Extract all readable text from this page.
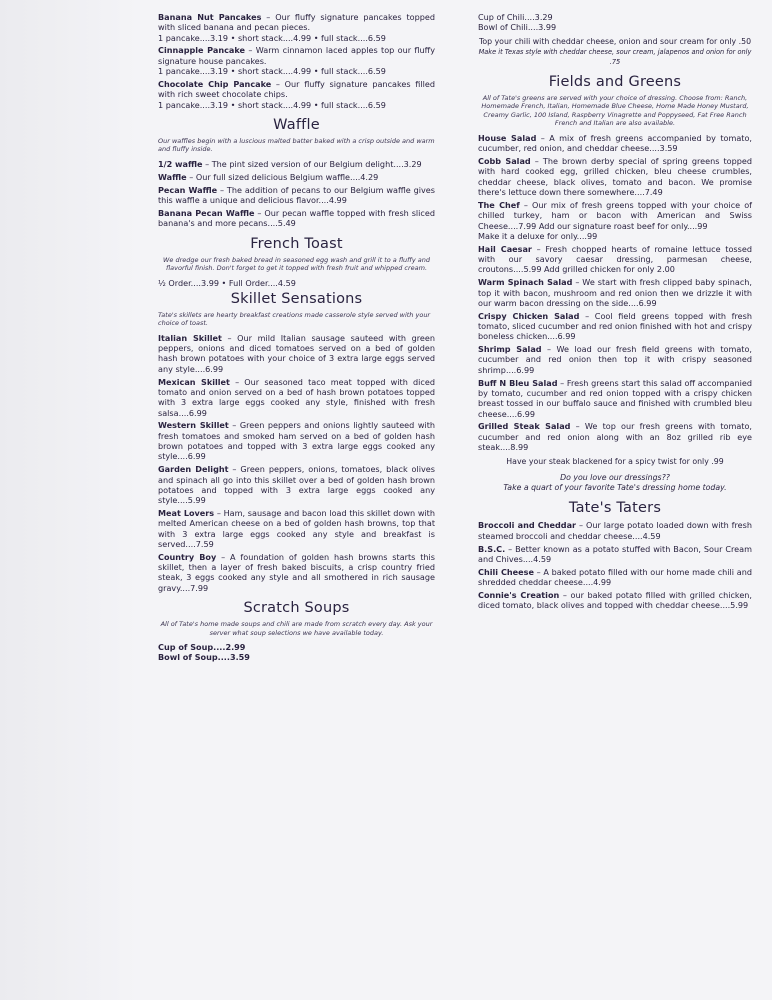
Banana Nut Pancakes – Our fluffy signature pancakes topped with sliced banana and pecan pieces.
1 pancake....3.19 • short stack....4.99 • full stack....6.59
Cinnapple Pancake – Warm cinnamon laced apples top our fluffy signature house pancakes.
1 pancake....3.19 • short stack....4.99 • full stack....6.59
Chocolate Chip Pancake – Our fluffy signature pancakes filled with rich sweet chocolate chips.
1 pancake....3.19 • short stack....4.99 • full stack....6.59
Waffle
Our waffles begin with a luscious malted batter baked with a crisp outside and warm and fluffy inside.
1/2 waffle – The pint sized version of our Belgium delight....3.29
Waffle – Our full sized delicious Belgium waffle....4.29
Pecan Waffle – The addition of pecans to our Belgium waffle gives this waffle a unique and delicious flavor....4.99
Banana Pecan Waffle – Our pecan waffle topped with fresh sliced banana's and more pecans....5.49
French Toast
We dredge our fresh baked bread in seasoned egg wash and grill it to a fluffy and flavorful finish. Don't forget to get it topped with fresh fruit and whipped cream.
½ Order....3.99 • Full Order....4.59
Skillet Sensations
Tate's skillets are hearty breakfast creations made casserole style served with your choice of toast.
Italian Skillet – Our mild Italian sausage sauteed with green peppers, onions and diced tomatoes served on a bed of golden hash brown potatoes with your choice of 3 extra large eggs served any style....6.99
Mexican Skillet – Our seasoned taco meat topped with diced tomato and onion served on a bed of hash brown potatoes topped with 3 extra large eggs cooked any style, finished with fresh salsa....6.99
Western Skillet – Green peppers and onions lightly sauteed with fresh tomatoes and smoked ham served on a bed of golden hash brown potatoes and topped with 3 extra large eggs cooked any style....6.99
Garden Delight – Green peppers, onions, tomatoes, black olives and spinach all go into this skillet over a bed of golden hash brown potatoes and topped with 3 extra large eggs cooked any style....5.99
Meat Lovers – Ham, sausage and bacon load this skillet down with melted American cheese on a bed of golden hash browns, top that with 3 extra large eggs cooked any style and breakfast is served....7.59
Country Boy – A foundation of golden hash browns starts this skillet, then a layer of fresh baked biscuits, a crisp country fried steak, 3 eggs cooked any style and all smothered in rich sausage gravy....7.99
Scratch Soups
All of Tate's home made soups and chili are made from scratch every day. Ask your server what soup selections we have available today.
Cup of Soup....2.99
Bowl of Soup....3.59
Cup of Chili....3.29
Bowl of Chili....3.99
Top your chili with cheddar cheese, onion and sour cream for only .50
Make it Texas style with cheddar cheese, sour cream, jalapenos and onion for only .75
Fields and Greens
All of Tate's greens are served with your choice of dressing. Choose from: Ranch, Homemade French, Italian, Homemade Blue Cheese, Home Made Honey Mustard, Creamy Garlic, 100 Island, Raspberry Vinagrette and Poppyseed, Fat Free Ranch French and Italian are also available.
House Salad – A mix of fresh greens accompanied by tomato, cucumber, red onion, and cheddar cheese....3.59
Cobb Salad – The brown derby special of spring greens topped with hard cooked egg, grilled chicken, bleu cheese crumbles, cheddar cheese, black olives, tomato and bacon. We promise there's lettuce down there somewhere....7.49
The Chef – Our mix of fresh greens topped with your choice of chilled turkey, ham or bacon with American and Swiss Cheese....7.99 Add our signature roast beef for only....99
Make it a deluxe for only....99
Hail Caesar – Fresh chopped hearts of romaine lettuce tossed with our savory caesar dressing, parmesan cheese, croutons....5.99 Add grilled chicken for only 2.00
Warm Spinach Salad – We start with fresh clipped baby spinach, top it with bacon, mushroom and red onion then we drizzle it with our warm bacon dressing on the side....6.99
Crispy Chicken Salad – Cool field greens topped with fresh tomato, sliced cucumber and red onion finished with hot and crispy boneless chicken....6.99
Shrimp Salad – We load our fresh field greens with tomato, cucumber and red onion then top it with crispy seasoned shrimp....6.99
Buff N Bleu Salad – Fresh greens start this salad off accompanied by tomato, cucumber and red onion topped with a crispy chicken breast tossed in our buffalo sauce and finished with crumbled bleu cheese....6.99
Grilled Steak Salad – We top our fresh greens with tomato, cucumber and red onion along with an 8oz grilled rib eye steak....8.99
Have your steak blackened for a spicy twist for only .99
Do you love our dressings??
Take a quart of your favorite Tate's dressing home today.
Tate's Taters
Broccoli and Cheddar – Our large potato loaded down with fresh steamed broccoli and cheddar cheese....4.59
B.S.C. – Better known as a potato stuffed with Bacon, Sour Cream and Chives....4.59
Chili Cheese – A baked potato filled with our home made chili and shredded cheddar cheese....4.99
Connie's Creation – our baked potato filled with grilled chicken, diced tomato, black olives and topped with cheddar cheese....5.99
